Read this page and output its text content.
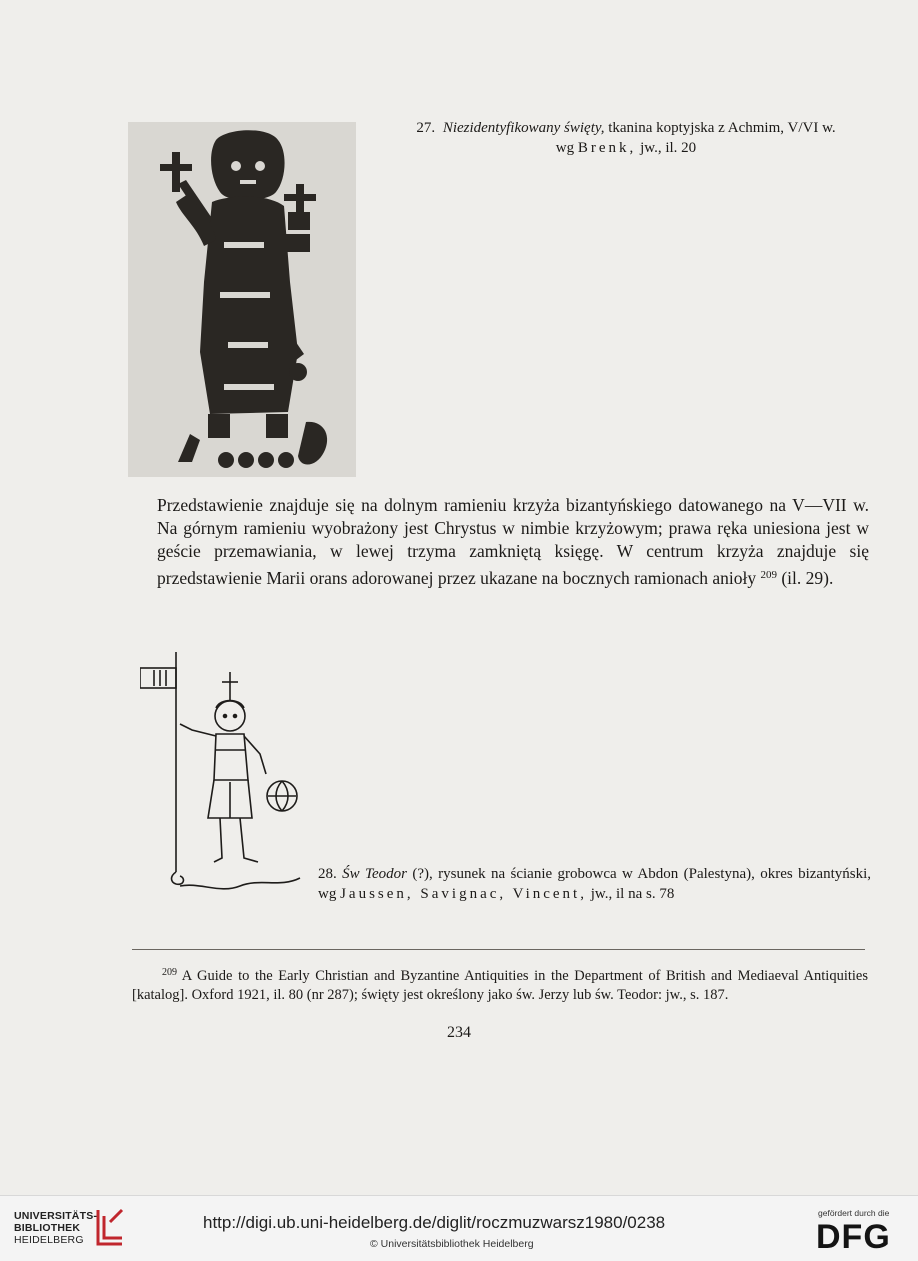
27. Niezidentyfikowany święty, tkanina koptyjska z Achmim, V/VI w.
wg Brenk, jw., il. 20

Przedstawienie znajduje się na dolnym ramieniu krzyża bizantyńskiego datowanego na V—VII w. Na górnym ramieniu wyobrażony jest Chrystus w nimbie krzyżowym; prawa ręka uniesiona jest w geście przemawiania, w lewej trzyma zamkniętą księgę. W centrum krzyża znajduje się przedstawienie Marii orans adorowanej przez ukazane na bocznych ramionach anioły $^{209}$ (il. 29).

28. Św Teodor (?), rysunek na ścianie grobowca w Abdon (Palestyna), okres bizantyński, wg Jaussen, Savignac, Vincent, jw., il na s. 78
$^{209}$ A Guide to the Early Christian and Byzantine Antiquities in the Department of British and Mediaeval Antiquities [katalog]. Oxford 1921, il. 80 (nr 287); święty jest określony jako św. Jerzy lub św. Teodor: jw., s. 187.
234
UNIVERSITÄTS-
BIBLIOTHEK
HEIDELBERG
http://digi.ub.uni-heidelberg.de/diglit/roczmuzwarsz1980/0238
© Universitätsbibliothek Heidelberg
gefördert durch die
DFG
